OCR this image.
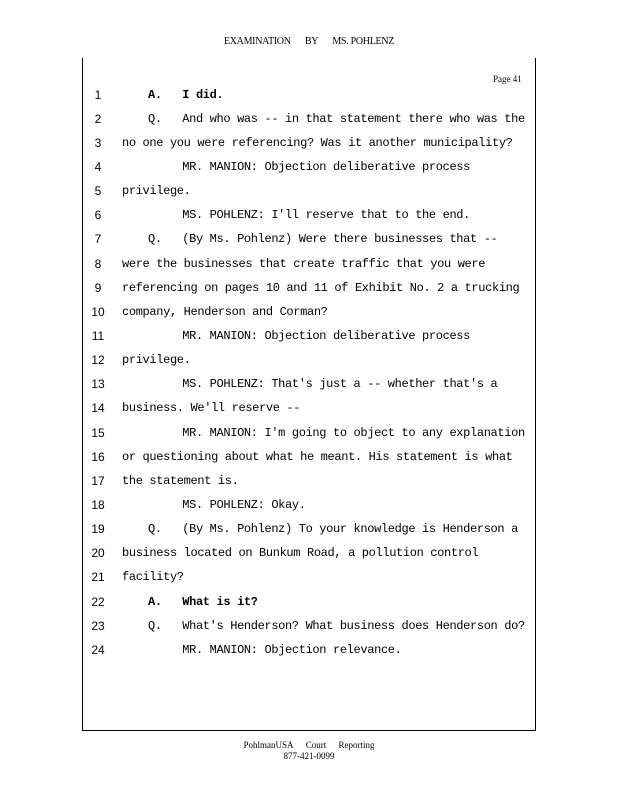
EXAMINATION BY MS. POHLENZ
Page 41
1	A.   I did.
2	Q.   And who was -- in that statement there who was the
3	no one you were referencing? Was it another municipality?
4	MR. MANION: Objection deliberative process
5	privilege.
6	MS. POHLENZ: I'll reserve that to the end.
7	Q.   (By Ms. Pohlenz) Were there businesses that --
8	were the businesses that create traffic that you were
9	referencing on pages 10 and 11 of Exhibit No. 2 a trucking
10 company, Henderson and Corman?
11	MR. MANION: Objection deliberative process
12 privilege.
13	MS. POHLENZ: That's just a -- whether that's a
14 business. We'll reserve --
15	MR. MANION: I'm going to object to any explanation
16 or questioning about what he meant. His statement is what
17 the statement is.
18	MS. POHLENZ: Okay.
19	Q.   (By Ms. Pohlenz) To your knowledge is Henderson a
20 business located on Bunkum Road, a pollution control
21 facility?
22	A.   What is it?
23	Q.   What's Henderson? What business does Henderson do?
24	MR. MANION: Objection relevance.
PohlmanUSA Court Reporting
877-421-0099
